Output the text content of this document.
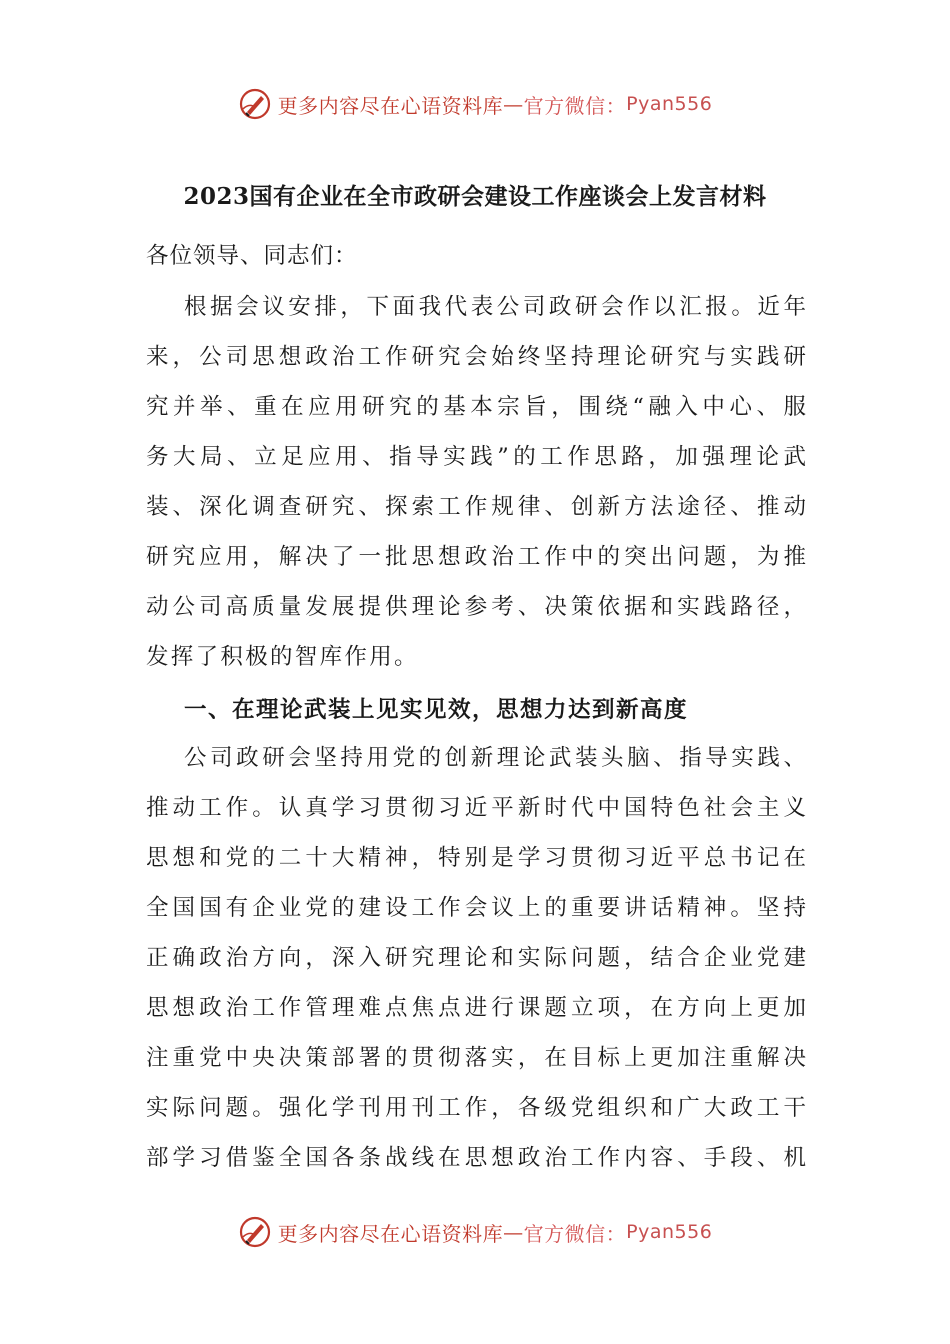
更多内容尽在心语资料库 — 官方微信： Pyan556
2023国有企业在全市政研会建设工作座谈会上发言材料
各位领导、同志们：
根据会议安排，下面我代表公司政研会作以汇报。近年
来，公司思想政治工作研究会始终坚持理论研究与实践研
究并举、重在应用研究的基本宗旨，围绕“融入中心、服
务大局、立足应用、指导实践”的工作思路，加强理论武
装、深化调查研究、探索工作规律、创新方法途径、推动
研究应用，解决了一批思想政治工作中的突出问题，为推
动公司高质量发展提供理论参考、决策依据和实践路径，
发挥了积极的智库作用。
一、在理论武装上见实见效，思想力达到新高度
公司政研会坚持用党的创新理论武装头脑、指导实践、
推动工作。认真学习贯彻习近平新时代中国特色社会主义
思想和党的二十大精神，特别是学习贯彻习近平总书记在
全国国有企业党的建设工作会议上的重要讲话精神。坚持
正确政治方向，深入研究理论和实际问题，结合企业党建
思想政治工作管理难点焦点进行课题立项，在方向上更加
注重党中央决策部署的贯彻落实，在目标上更加注重解决
实际问题。强化学刊用刊工作，各级党组织和广大政工干
部学习借鉴全国各条战线在思想政治工作内容、手段、机
更多内容尽在心语资料库 — 官方微信： Pyan556
